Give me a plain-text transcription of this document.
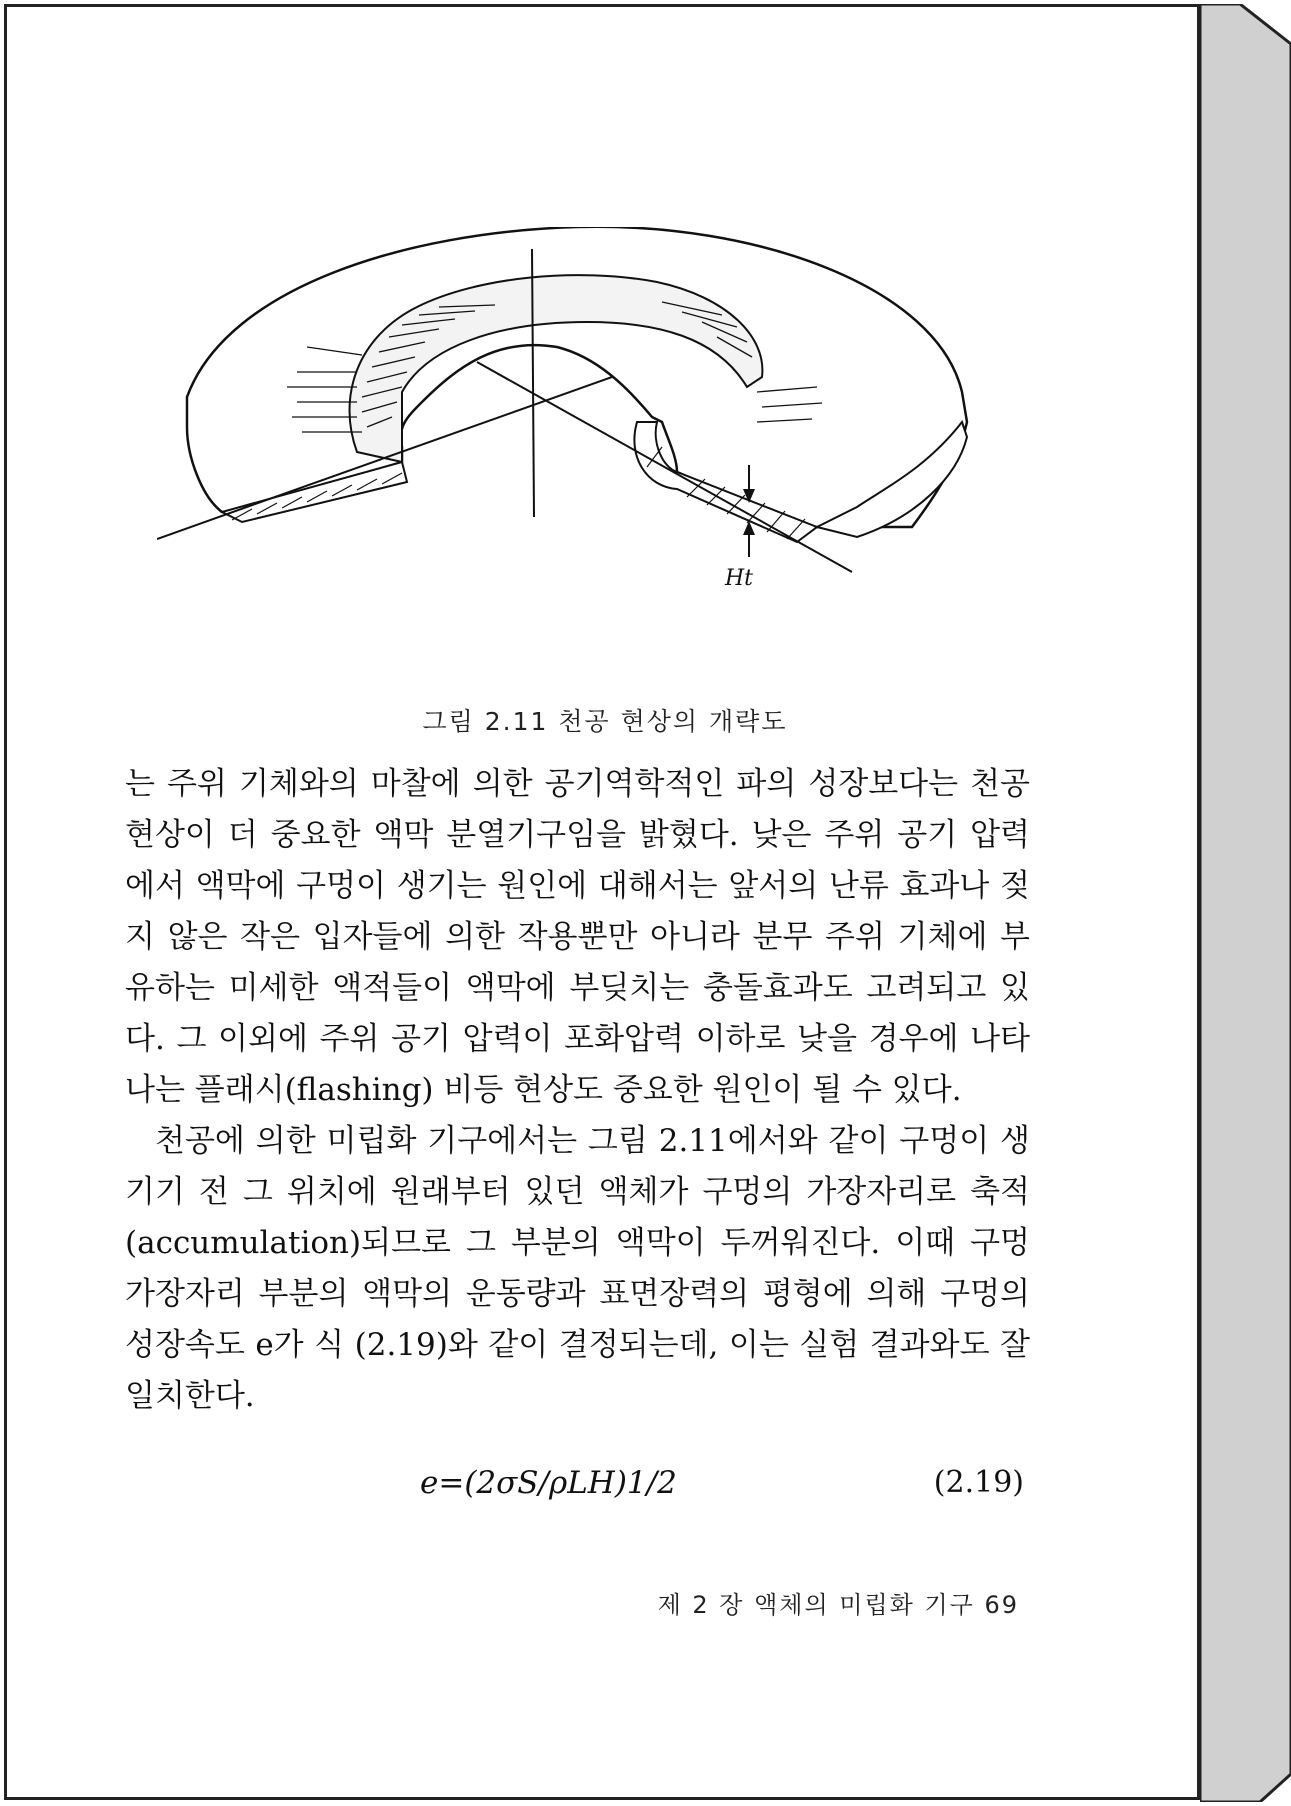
Ht
그림 2.11 천공 현상의 개략도

는 주위 기체와의 마찰에 의한 공기역학적인 파의 성장보다는 천공 현상이 더 중요한 액막 분열기구임을 밝혔다. 낮은 주위 공기 압력에서 액막에 구멍이 생기는 원인에 대해서는 앞서의 난류 효과나 젖지 않은 작은 입자들에 의한 작용뿐만 아니라 분무 주위 기체에 부유하는 미세한 액적들이 액막에 부딪치는 충돌효과도 고려되고 있다. 그 이외에 주위 공기 압력이 포화압력 이하로 낮을 경우에 나타나는 플래시(flashing) 비등 현상도 중요한 원인이 될 수 있다.

천공에 의한 미립화 기구에서는 그림 2.11에서와 같이 구멍이 생기기 전 그 위치에 원래부터 있던 액체가 구멍의 가장자리로 축적(accumulation)되므로 그 부분의 액막이 두꺼워진다. 이때 구멍 가장자리 부분의 액막의 운동량과 표면장력의 평형에 의해 구멍의 성장속도 e가 식 (2.19)와 같이 결정되는데, 이는 실험 결과와도 잘 일치한다.

e=(2σS/ρLH)1/2	(2.19)
제 2 장 액체의 미립화 기구 69
